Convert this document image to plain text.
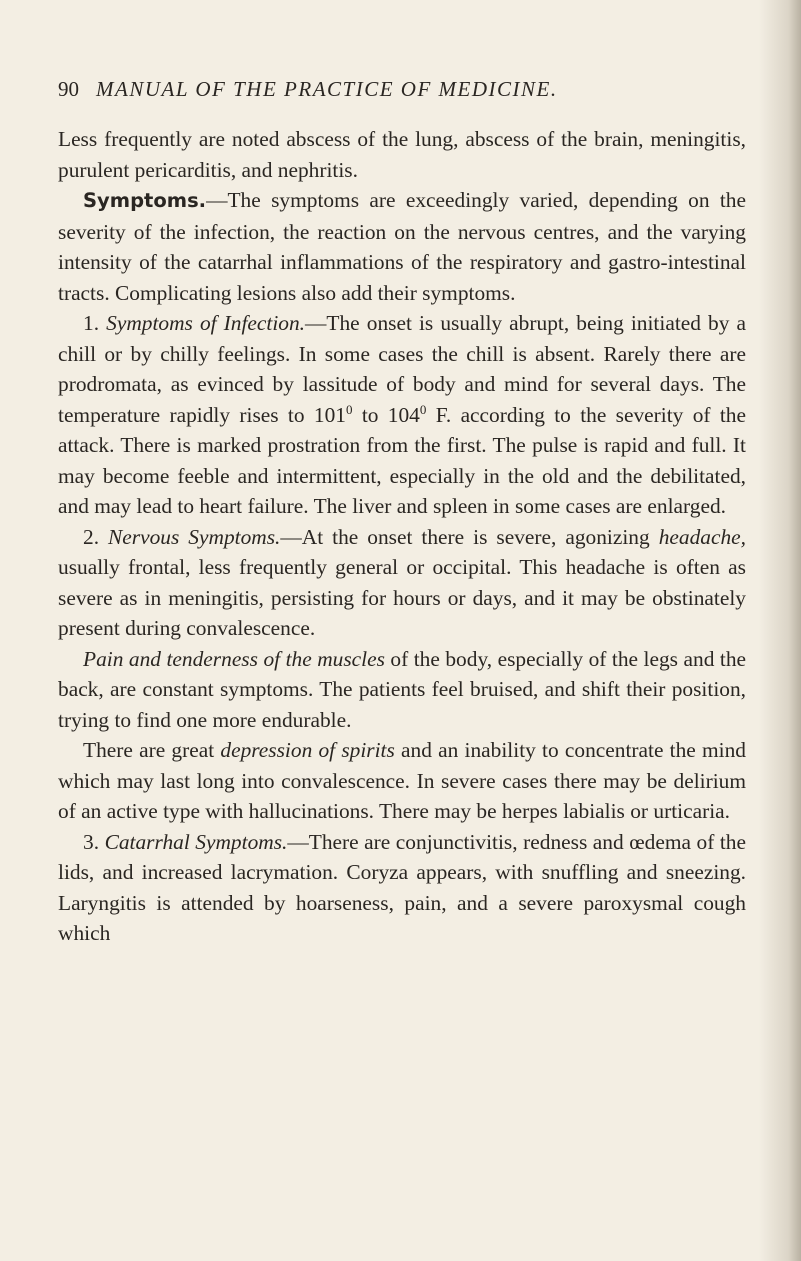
90 MANUAL OF THE PRACTICE OF MEDICINE.

Less frequently are noted abscess of the lung, abscess of the brain, meningitis, purulent pericarditis, and nephritis.

Symptoms.—The symptoms are exceedingly varied, depending on the severity of the infection, the reaction on the nervous centres, and the varying intensity of the catarrhal inflammations of the respiratory and gastro-intestinal tracts. Complicating lesions also add their symptoms.

1. Symptoms of Infection.—The onset is usually abrupt, being initiated by a chill or by chilly feelings. In some cases the chill is absent. Rarely there are prodromata, as evinced by lassitude of body and mind for several days. The temperature rapidly rises to $101^0$ to $104^0$ F. according to the severity of the attack. There is marked prostration from the first. The pulse is rapid and full. It may become feeble and intermittent, especially in the old and the debilitated, and may lead to heart failure. The liver and spleen in some cases are enlarged.

2. Nervous Symptoms.—At the onset there is severe, agonizing headache, usually frontal, less frequently general or occipital. This headache is often as severe as in meningitis, persisting for hours or days, and it may be obstinately present during convalescence.

Pain and tenderness of the muscles of the body, especially of the legs and the back, are constant symptoms. The patients feel bruised, and shift their position, trying to find one more endurable.

There are great depression of spirits and an inability to concentrate the mind which may last long into convalescence. In severe cases there may be delirium of an active type with hallucinations. There may be herpes labialis or urticaria.

3. Catarrhal Symptoms.—There are conjunctivitis, redness and œdema of the lids, and increased lacrymation. Coryza appears, with snuffling and sneezing. Laryngitis is attended by hoarseness, pain, and a severe paroxysmal cough which
